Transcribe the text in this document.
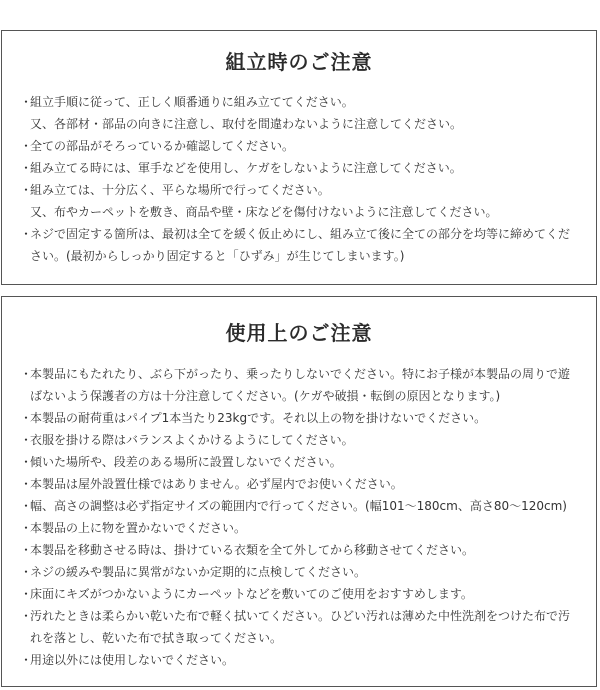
組立時のご注意
・
組立手順に従って、正しく順番通りに組み立ててください。
又、各部材・部品の向きに注意し、取付を間違わないように注意してください。
・
全ての部品がそろっているか確認してください。
・
組み立てる時には、軍手などを使用し、ケガをしないように注意してください。
・
組み立ては、十分広く、平らな場所で行ってください。
又、布やカーペットを敷き、商品や壁・床などを傷付けないように注意してください。
・
ネジで固定する箇所は、最初は全てを緩く仮止めにし、組み立て後に全ての部分を均等に締めてくだ
さい。(最初からしっかり固定すると「ひずみ」が生じてしまいます。)
使用上のご注意
・
本製品にもたれたり、ぶら下がったり、乗ったりしないでください。特にお子様が本製品の周りで遊
ばないよう保護者の方は十分注意してください。(ケガや破損・転倒の原因となります。)
・
本製品の耐荷重はパイプ1本当たり23kgです。それ以上の物を掛けないでください。
・
衣服を掛ける際はバランスよくかけるようにしてください。
・
傾いた場所や、段差のある場所に設置しないでください。
・
本製品は屋外設置仕様ではありません。必ず屋内でお使いください。
・
幅、高さの調整は必ず指定サイズの範囲内で行ってください。(幅101〜180cm、高さ80〜120cm)
・
本製品の上に物を置かないでください。
・
本製品を移動させる時は、掛けている衣類を全て外してから移動させてください。
・
ネジの緩みや製品に異常がないか定期的に点検してください。
・
床面にキズがつかないようにカーペットなどを敷いてのご使用をおすすめします。
・
汚れたときは柔らかい乾いた布で軽く拭いてください。ひどい汚れは薄めた中性洗剤をつけた布で汚
れを落とし、乾いた布で拭き取ってください。
・
用途以外には使用しないでください。
